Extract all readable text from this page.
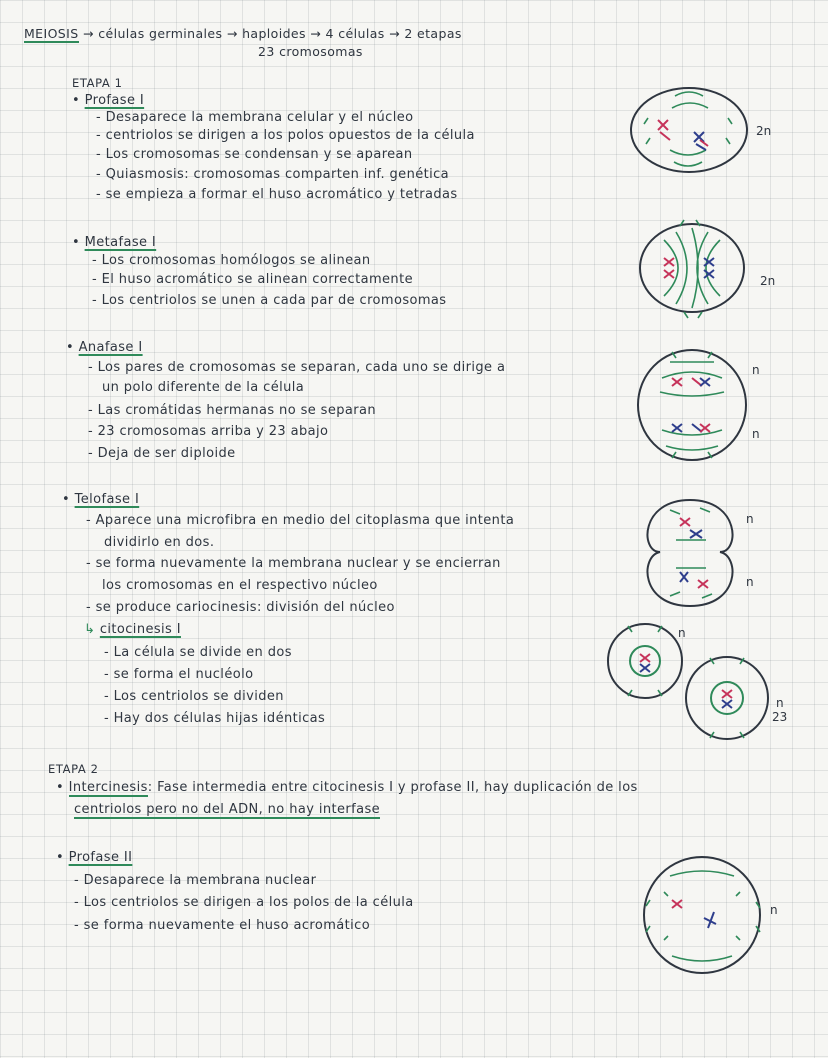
MEIOSIS → células germinales → haploides → 4 células → 2 etapas
23 cromosomas
ETAPA 1
• Profase I
- Desaparece la membrana celular y el núcleo
- centriolos se dirigen a los polos opuestos de la célula
- Los cromosomas se condensan y se aparean
- Quiasmosis: cromosomas comparten inf. genética
- se empieza a formar el huso acromático y tetradas
• Metafase I
- Los cromosomas homólogos se alinean
- El huso acromático se alinean correctamente
- Los centriolos se unen a cada par de cromosomas
• Anafase I
- Los pares de cromosomas se separan, cada uno se dirige a
un polo diferente de la célula
- Las cromátidas hermanas no se separan
- 23 cromosomas arriba y 23 abajo
- Deja de ser diploide
• Telofase I
- Aparece una microfibra en medio del citoplasma que intenta
dividirlo en dos.
- se forma nuevamente la membrana nuclear y se encierran
los cromosomas en el respectivo núcleo
- se produce cariocinesis: división del núcleo
↳ citocinesis I
- La célula se divide en dos
- se forma el nucléolo
- Los centriolos se dividen
- Hay dos células hijas idénticas
ETAPA 2
• Intercinesis: Fase intermedia entre citocinesis I y profase II, hay duplicación de los
centriolos pero no del ADN, no hay interfase
• Profase II
- Desaparece la membrana nuclear
- Los centriolos se dirigen a los polos de la célula
- se forma nuevamente el huso acromático
2n
2n
n
n
n
n
n
n
23
n
